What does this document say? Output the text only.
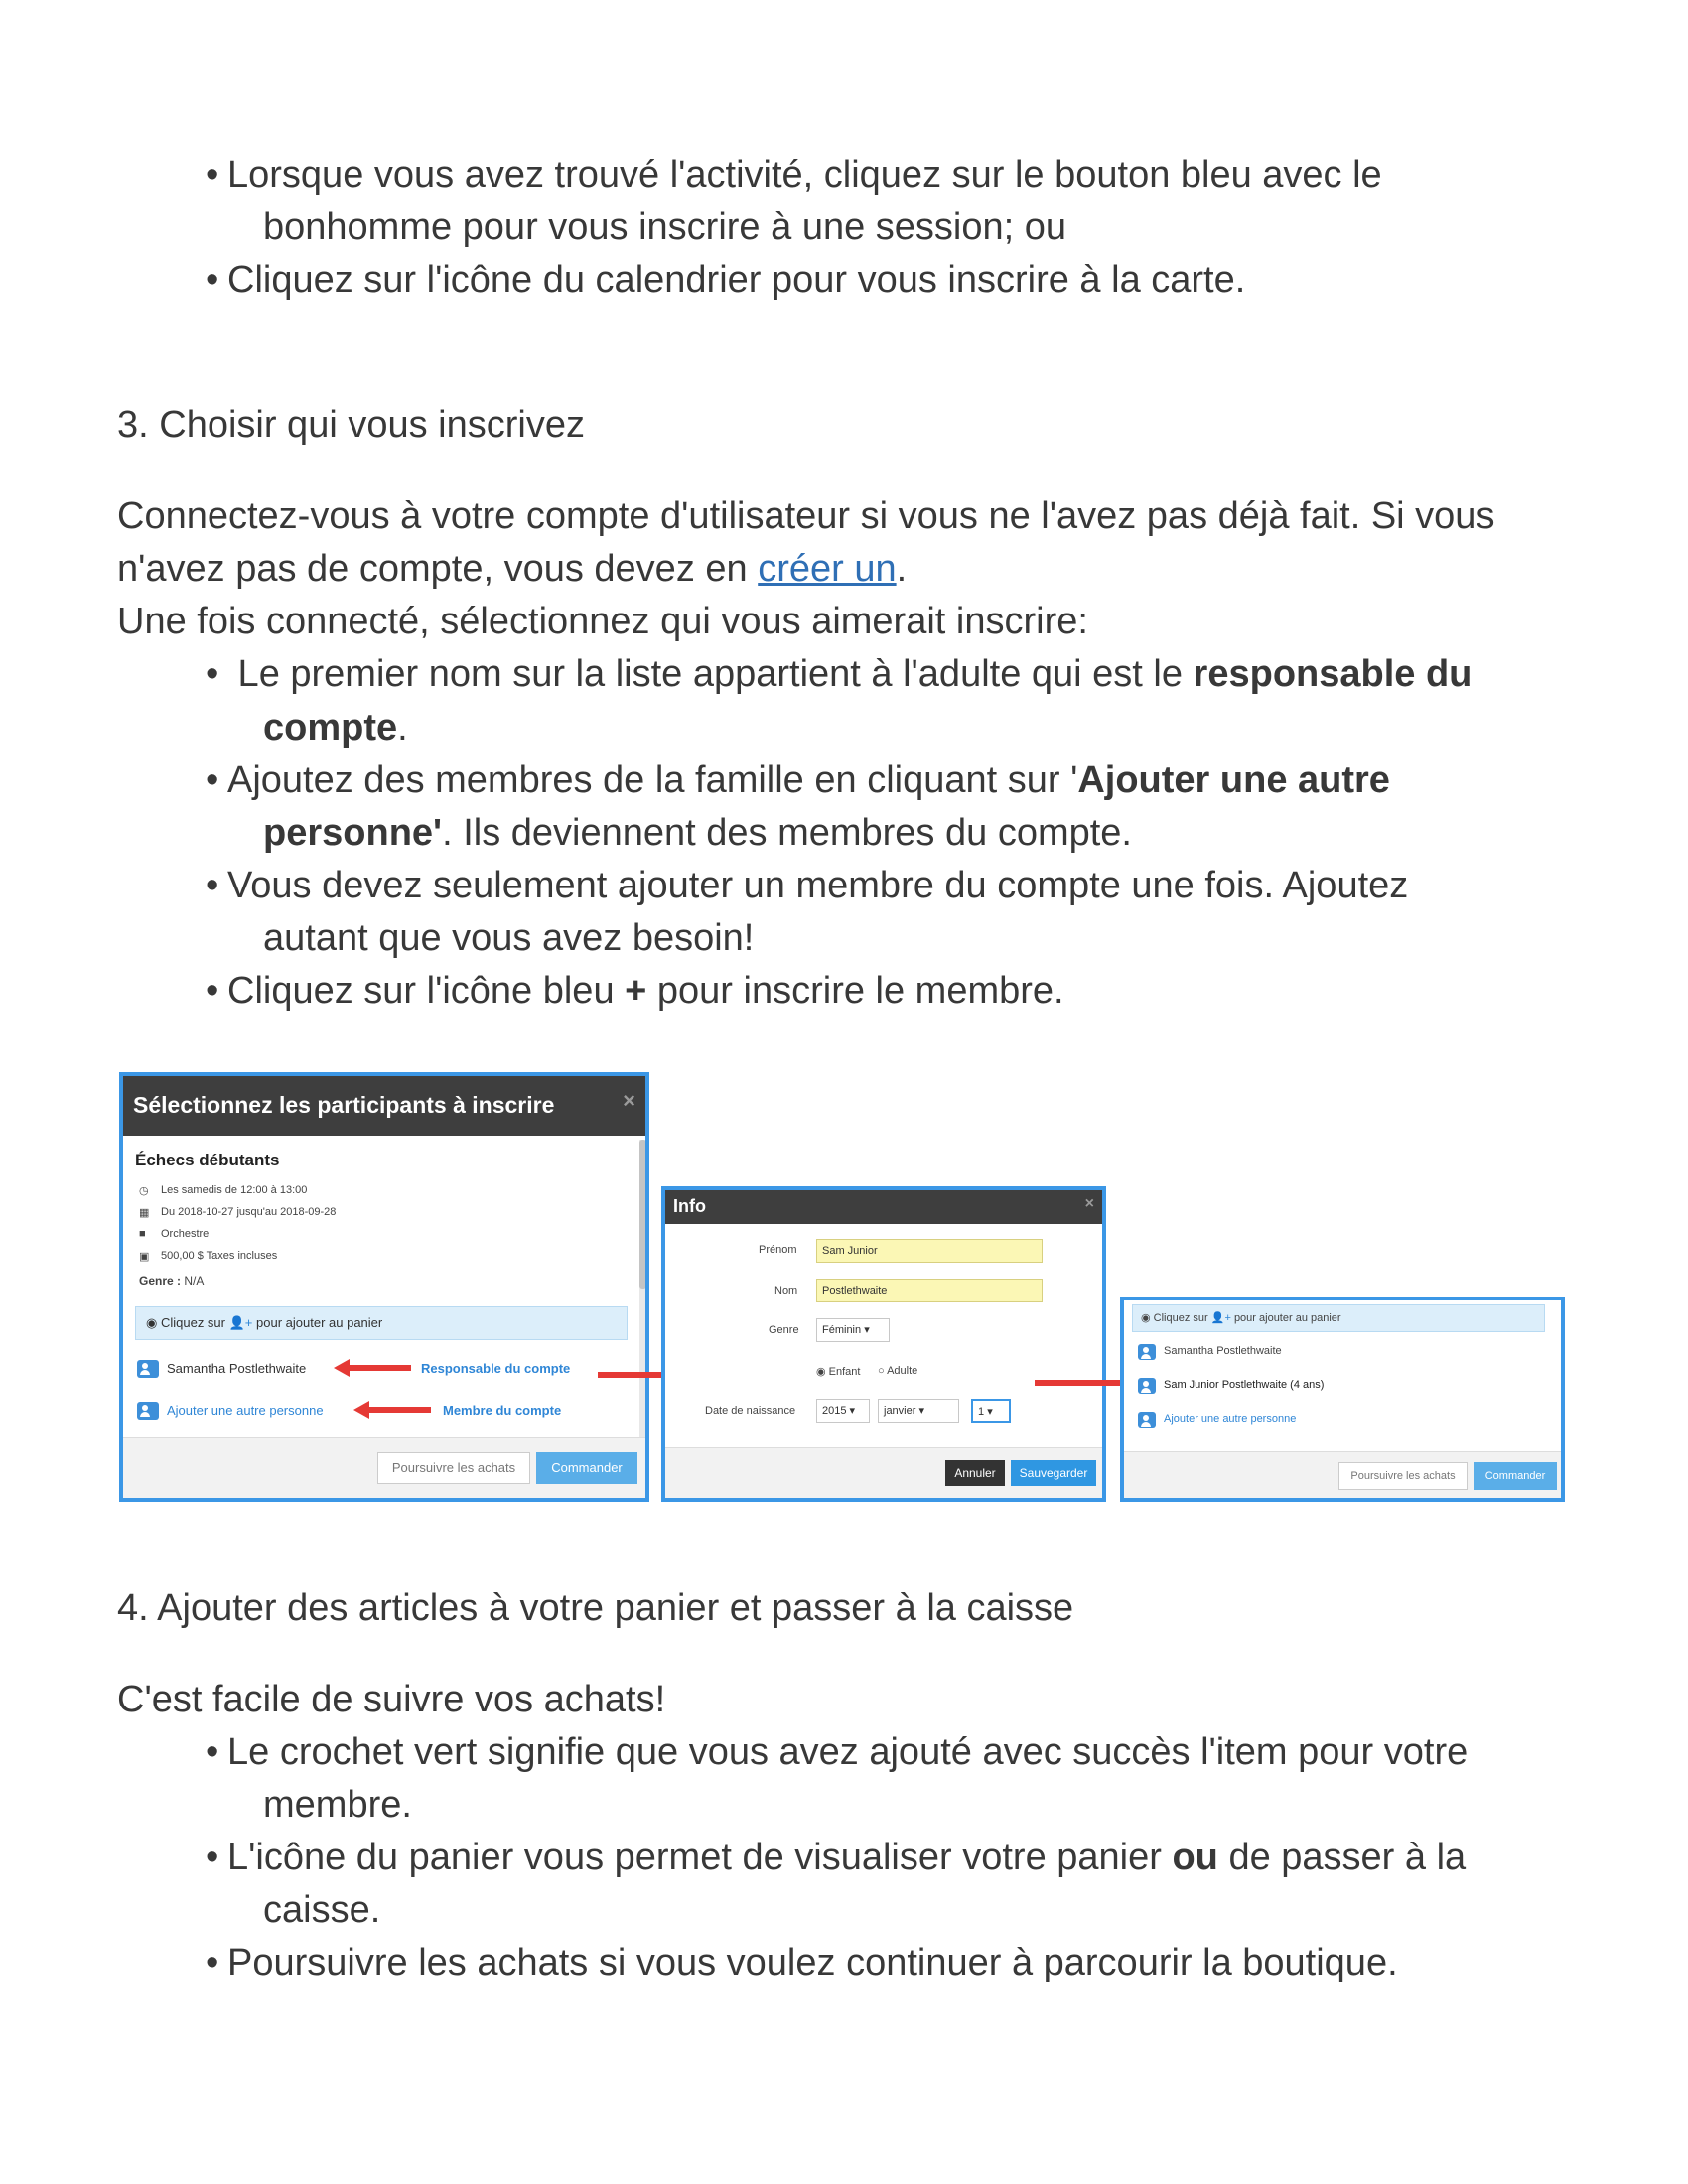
• Lorsque vous avez trouvé l'activité, cliquez sur le bouton bleu avec le
bonhomme pour vous inscrire à une session; ou
• Cliquez sur l'icône du calendrier pour vous inscrire à la carte.
3. Choisir qui vous inscrivez
Connectez-vous à votre compte d'utilisateur si vous ne l'avez pas déjà fait. Si vous
n'avez pas de compte, vous devez en créer un.
Une fois connecté, sélectionnez qui vous aimerait inscrire:
• Le premier nom sur la liste appartient à l'adulte qui est le responsable du
compte.
• Ajoutez des membres de la famille en cliquant sur 'Ajouter une autre
personne'. Ils deviennent des membres du compte.
• Vous devez seulement ajouter un membre du compte une fois. Ajoutez
autant que vous avez besoin!
• Cliquez sur l'icône bleu + pour inscrire le membre.
Sélectionnez les participants à inscrire	×
Échecs débutants
◷ Les samedis de 12:00 à 13:00
▦ Du 2018-10-27 jusqu'au 2018-09-28
■ Orchestre
▣ 500,00 $ Taxes incluses
Genre : N/A
◉ Cliquez sur 👤+ pour ajouter au panier
Samantha Postlethwaite
Ajouter une autre personne
Responsable du compte
Membre du compte
Poursuivre les achats	Commander
Info	×
Prénom	Sam Junior
Nom	Postlethwaite
Genre	Féminin ▾
◉ Enfant ○ Adulte
Date de naissance	2015 ▾	janvier ▾	1 ▾
Annuler	Sauvegarder
◉ Cliquez sur 👤+ pour ajouter au panier
Samantha Postlethwaite
Sam Junior Postlethwaite (4 ans)
Ajouter une autre personne
Poursuivre les achats	Commander
4. Ajouter des articles à votre panier et passer à la caisse
C'est facile de suivre vos achats!
• Le crochet vert signifie que vous avez ajouté avec succès l'item pour votre
membre.
• L'icône du panier vous permet de visualiser votre panier ou de passer à la
caisse.
• Poursuivre les achats si vous voulez continuer à parcourir la boutique.
